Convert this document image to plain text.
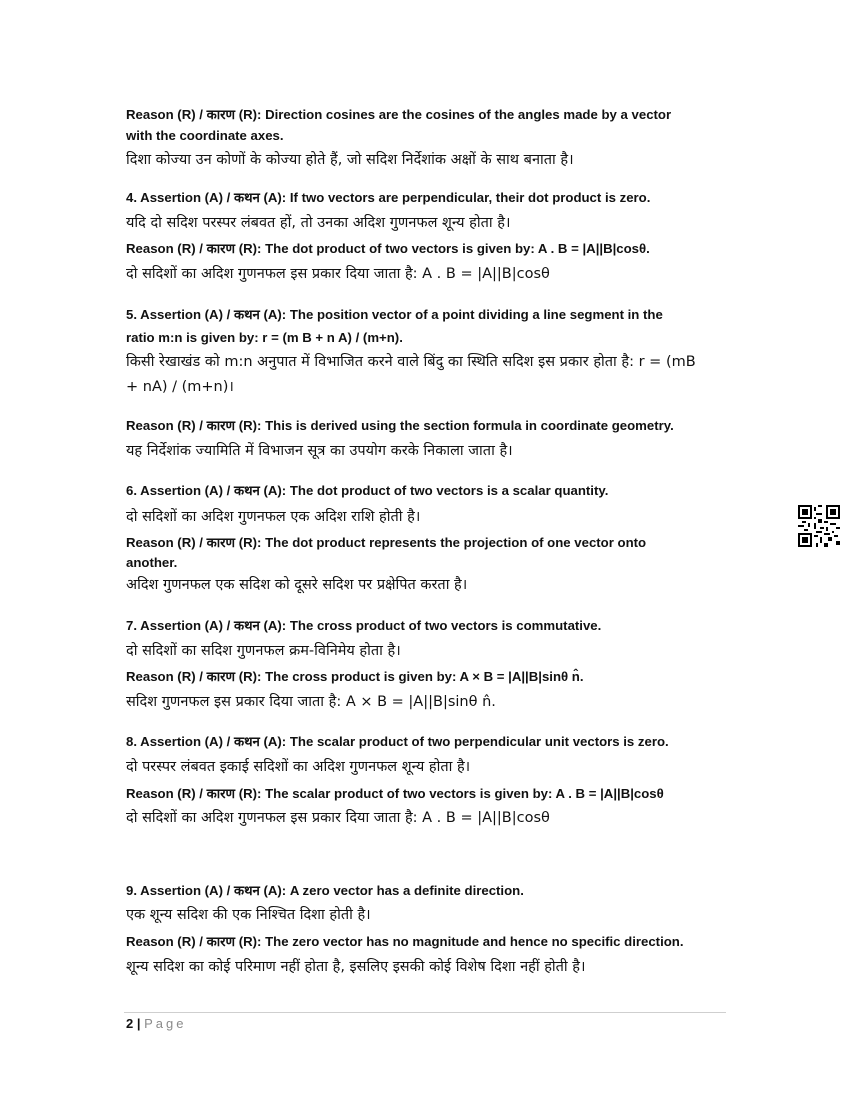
Reason (R) / कारण (R): Direction cosines are the cosines of the angles made by a vector
with the coordinate axes.
दिशा कोज्या उन कोणों के कोज्या होते हैं, जो सदिश निर्देशांक अक्षों के साथ बनाता है।
4. Assertion (A) / कथन (A): If two vectors are perpendicular, their dot product is zero.
यदि दो सदिश परस्पर लंबवत हों, तो उनका अदिश गुणनफल शून्य होता है।
Reason (R) / कारण (R): The dot product of two vectors is given by: A . B = |A||B|cosθ.
दो सदिशों का अदिश गुणनफल इस प्रकार दिया जाता है: A . B = |A||B|cosθ
5. Assertion (A) / कथन (A): The position vector of a point dividing a line segment in the
ratio m:n is given by: r = (m B + n A) / (m+n).
किसी रेखाखंड को m:n अनुपात में विभाजित करने वाले बिंदु का स्थिति सदिश इस प्रकार होता है: r = (mB
+ nA) / (m+n)।
Reason (R) / कारण (R): This is derived using the section formula in coordinate geometry.
यह निर्देशांक ज्यामिति में विभाजन सूत्र का उपयोग करके निकाला जाता है।
6. Assertion (A) / कथन (A): The dot product of two vectors is a scalar quantity.
दो सदिशों का अदिश गुणनफल एक अदिश राशि होती है।
Reason (R) / कारण (R): The dot product represents the projection of one vector onto
another.
अदिश गुणनफल एक सदिश को दूसरे सदिश पर प्रक्षेपित करता है।
7. Assertion (A) / कथन (A): The cross product of two vectors is commutative.
दो सदिशों का सदिश गुणनफल क्रम-विनिमेय होता है।
Reason (R) / कारण (R): The cross product is given by: A × B = |A||B|sinθ n̂.
सदिश गुणनफल इस प्रकार दिया जाता है: A × B = |A||B|sinθ n̂.
8. Assertion (A) / कथन (A): The scalar product of two perpendicular unit vectors is zero.
दो परस्पर लंबवत इकाई सदिशों का अदिश गुणनफल शून्य होता है।
Reason (R) / कारण (R): The scalar product of two vectors is given by: A . B = |A||B|cosθ
दो सदिशों का अदिश गुणनफल इस प्रकार दिया जाता है: A . B = |A||B|cosθ
9. Assertion (A) / कथन (A): A zero vector has a definite direction.
एक शून्य सदिश की एक निश्चित दिशा होती है।
Reason (R) / कारण (R): The zero vector has no magnitude and hence no specific direction.
शून्य सदिश का कोई परिमाण नहीं होता है, इसलिए इसकी कोई विशेष दिशा नहीं होती है।
2 | Page
